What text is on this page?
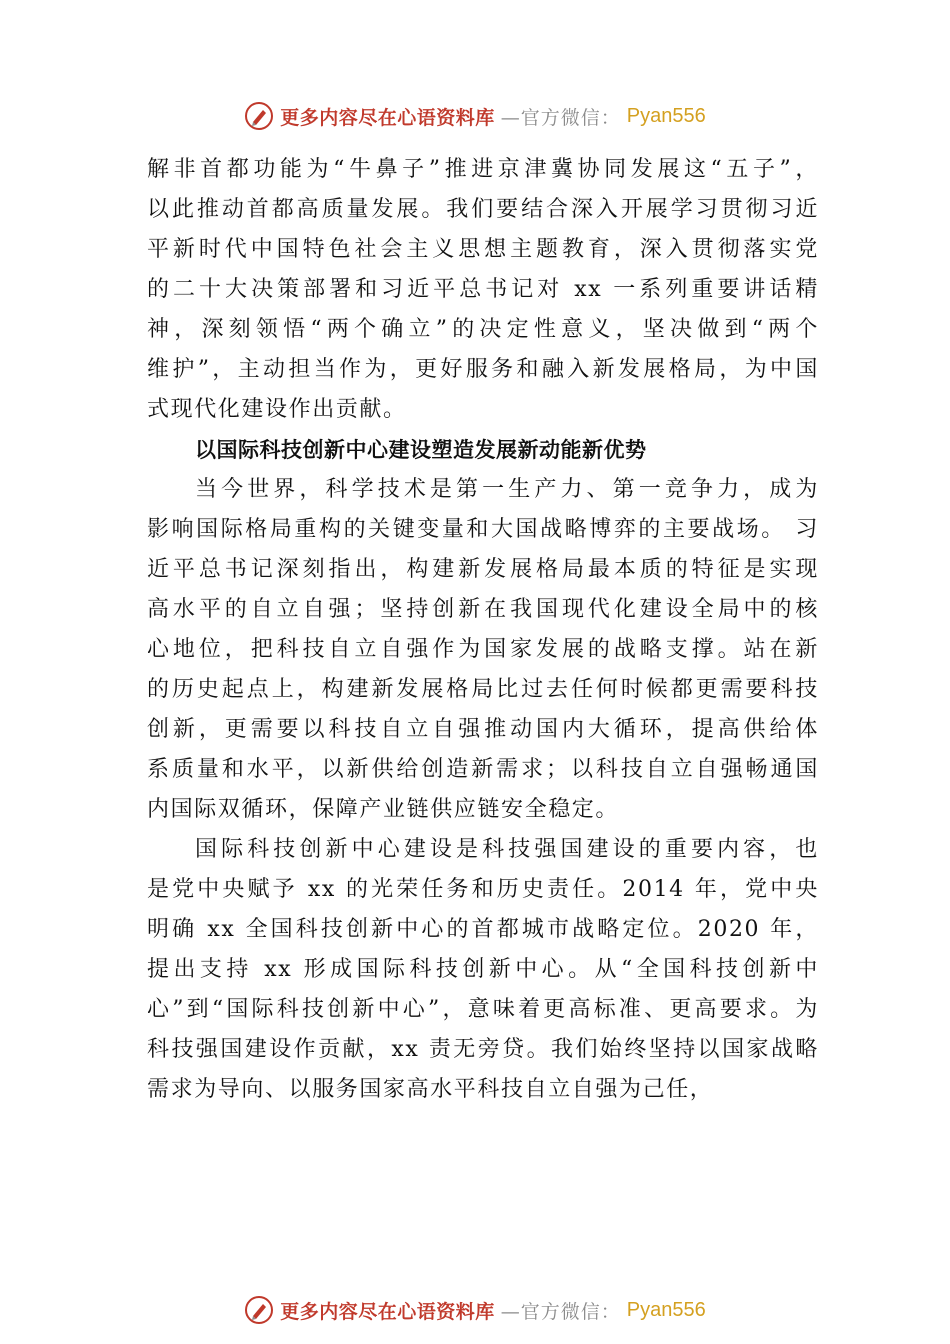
更多内容尽在心语资料库 —官方微信： Pyan556
解非首都功能为“牛鼻子”推进京津冀协同发展这“五子”，
以此推动首都高质量发展。我们要结合深入开展学习贯彻习近
平新时代中国特色社会主义思想主题教育，深入贯彻落实党
的二十大决策部署和习近平总书记对 xx 一系列重要讲话精
神，深刻领悟“两个确立”的决定性意义，坚决做到“两个
维护”，主动担当作为，更好服务和融入新发展格局，为中国
式现代化建设作出贡献。
以国际科技创新中心建设塑造发展新动能新优势
当今世界，科学技术是第一生产力、第一竞争力，成为
影响国际格局重构的关键变量和大国战略博弈的主要战场。 习
近平总书记深刻指出，构建新发展格局最本质的特征是实现
高水平的自立自强；坚持创新在我国现代化建设全局中的核
心地位，把科技自立自强作为国家发展的战略支撑。站在新
的历史起点上，构建新发展格局比过去任何时候都更需要科技
创新，更需要以科技自立自强推动国内大循环，提高供给体
系质量和水平，以新供给创造新需求；以科技自立自强畅通国
内国际双循环，保障产业链供应链安全稳定。
国际科技创新中心建设是科技强国建设的重要内容，也
是党中央赋予 xx 的光荣任务和历史责任。2014 年，党中央
明确 xx 全国科技创新中心的首都城市战略定位。2020 年，
提出支持 xx 形成国际科技创新中心。从“全国科技创新中
心”到“国际科技创新中心”，意味着更高标准、更高要求。为
科技强国建设作贡献，xx 责无旁贷。我们始终坚持以国家战略
需求为导向、以服务国家高水平科技自立自强为己任，
更多内容尽在心语资料库 —官方微信： Pyan556
